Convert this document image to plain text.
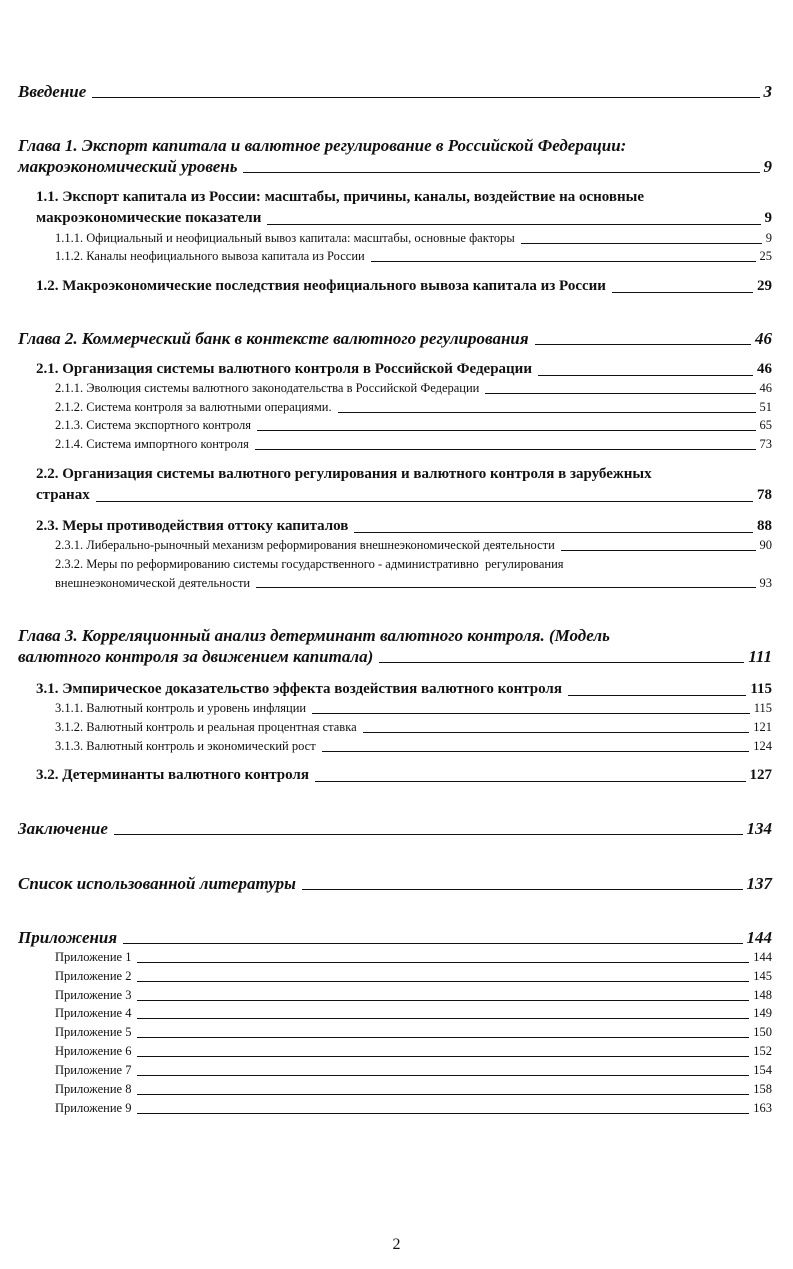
Введение	3
Глава 1. Экспорт капитала и валютное регулирование в Российской Федерации:
макроэкономический уровень	9
1.1. Экспорт капитала из России: масштабы, причины, каналы, воздействие на основные
макроэкономические показатели	9
1.1.1. Официальный и неофициальный вывоз капитала: масштабы, основные факторы	9
1.1.2. Каналы неофициального вывоза капитала из России	25
1.2. Макроэкономические последствия неофициального вывоза капитала из России	29
Глава 2. Коммерческий банк в контексте валютного регулирования	46
2.1. Организация системы валютного контроля в Российской Федерации	46
2.1.1. Эволюция системы валютного законодательства в Российской Федерации	46
2.1.2. Система контроля за валютными операциями.	51
2.1.3. Система экспортного контроля	65
2.1.4. Система импортного контроля	73
2.2. Организация системы валютного регулирования и валютного контроля в зарубежных
странах	78
2.3. Меры противодействия оттоку капиталов	88
2.3.1. Либерально-рыночный механизм реформирования внешнеэкономической деятельности	90
2.3.2. Меры по реформированию системы государственного - административно  регулирования
внешнеэкономической деятельности	93
Глава 3. Корреляционный анализ детерминант валютного контроля. (Модель
валютного контроля за движением капитала)	111
3.1. Эмпирическое доказательство эффекта воздействия валютного контроля	115
3.1.1. Валютный контроль и уровень инфляции	115
3.1.2. Валютный контроль и реальная процентная ставка	121
3.1.3. Валютный контроль и экономический рост	124
3.2. Детерминанты валютного контроля	127
Заключение	134
Список использованной литературы	137
Приложения	144
Приложение 1	144
Приложение 2	145
Приложение 3	148
Приложение 4	149
Приложение 5	150
Нриложение 6	152
Приложение 7	154
Приложение 8	158
Приложение 9	163
2
